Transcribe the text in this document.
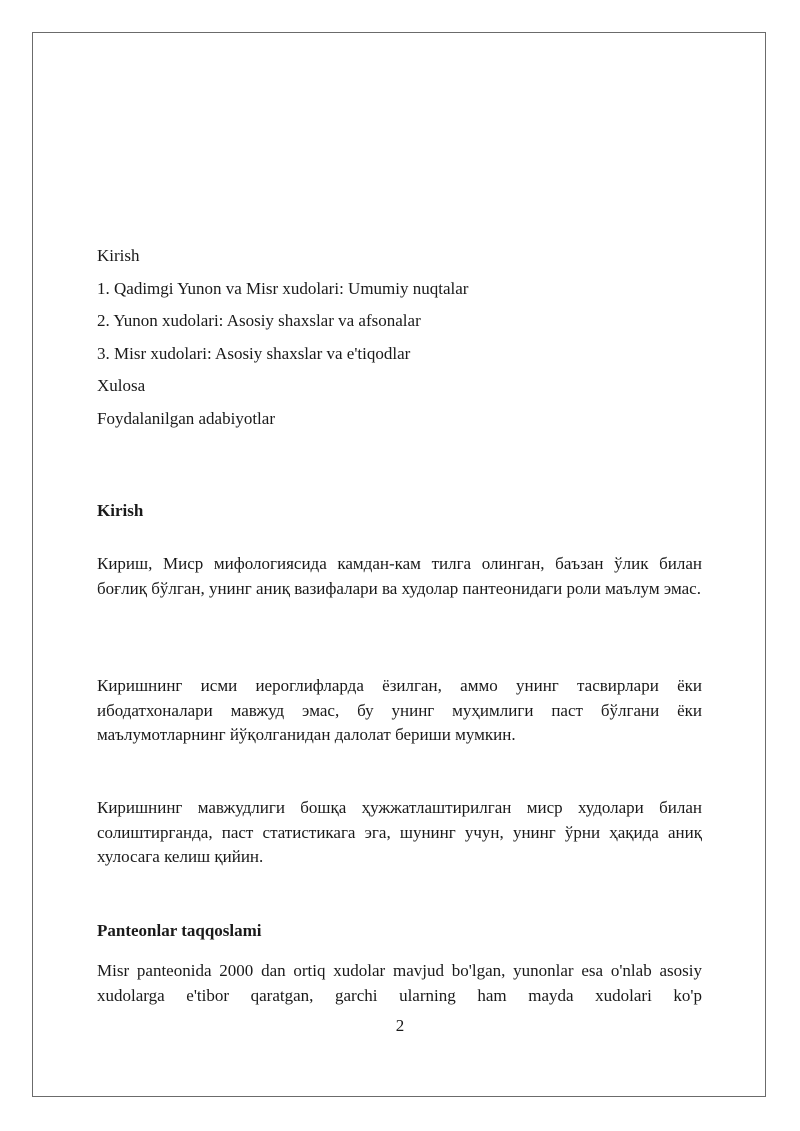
Kirish
1. Qadimgi Yunon va Misr xudolari: Umumiy nuqtalar
2. Yunon xudolari: Asosiy shaxslar va afsonalar
3. Misr xudolari: Asosiy shaxslar va e'tiqodlar
Xulosa
Foydalanilgan adabiyotlar
Kirish

Кириш, Миср мифологиясида камдан-кам тилга олинган, баъзан ўлик билан боғлиқ бўлган, унинг аниқ вазифалари ва худолар пантеонидаги роли маълум эмас.

Киришнинг исми иероглифларда ёзилган, аммо унинг тасвирлари ёки ибодатхоналари мавжуд эмас, бу унинг муҳимлиги паст бўлгани ёки маълумотларнинг йўқолганидан далолат бериши мумкин.

Киришнинг мавжудлиги бошқа ҳужжатлаштирилган миср худолари билан солиштирганда, паст статистикага эга, шунинг учун, унинг ўрни ҳақида аниқ хулосага келиш қийин.

Panteonlar taqqoslami

Misr panteonida 2000 dan ortiq xudolar mavjud bo'lgan, yunonlar esa o'nlab asosiy xudolarga e'tibor qaratgan, garchi ularning ham mayda xudolari ko'p

2
